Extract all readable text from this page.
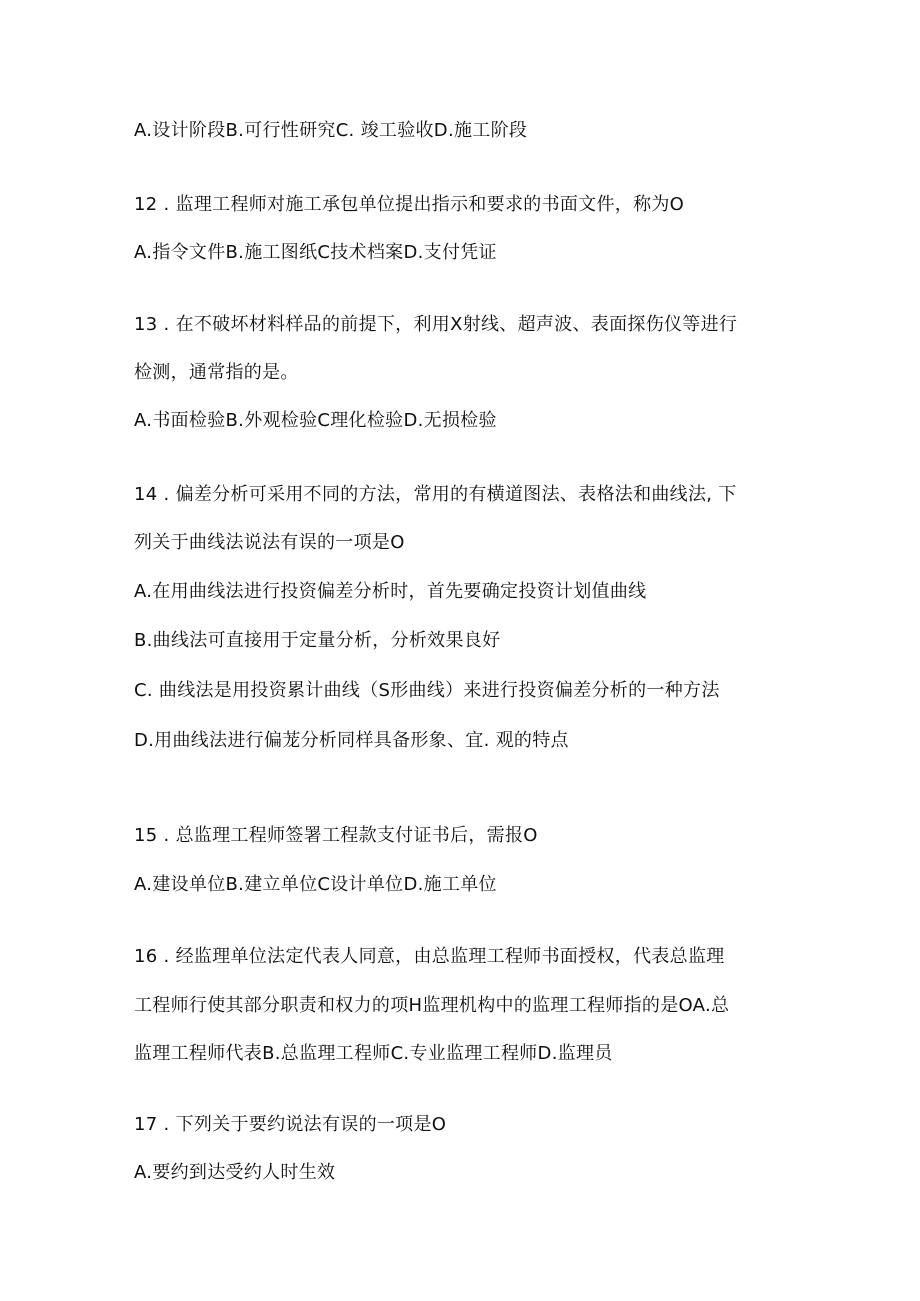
A.设计阶段B.可行性研究C. 竣工验收D.施工阶段
12 . 监理工程师对施工承包单位提出指示和要求的书面文件，称为O
A.指令文件B.施工图纸C技术档案D.支付凭证
13 . 在不破坏材料样品的前提下，利用X射线、超声波、表面探伤仪等进行
检测，通常指的是。
A.书面检验B.外观检验C理化检验D.无损检验
14 . 偏差分析可采用不同的方法，常用的有横道图法、表格法和曲线法, 下
列关于曲线法说法有误的一项是O
A.在用曲线法进行投资偏差分析时，首先要确定投资计划值曲线
B.曲线法可直接用于定量分析，分析效果良好
C. 曲线法是用投资累计曲线（S形曲线）来进行投资偏差分析的一种方法
D.用曲线法进行偏茏分析同样具备形象、宜. 观的特点
15 . 总监理工程师签署工程款支付证书后，需报O
A.建设单位B.建立单位C设计单位D.施工单位
16 . 经监理单位法定代表人同意，由总监理工程师书面授权，代表总监理
工程师行使其部分职责和权力的项H监理机构中的监理工程师指的是OA.总
监理工程师代表B.总监理工程师C.专业监理工程师D.监理员
17 . 下列关于要约说法有误的一项是O
A.要约到达受约人时生效
